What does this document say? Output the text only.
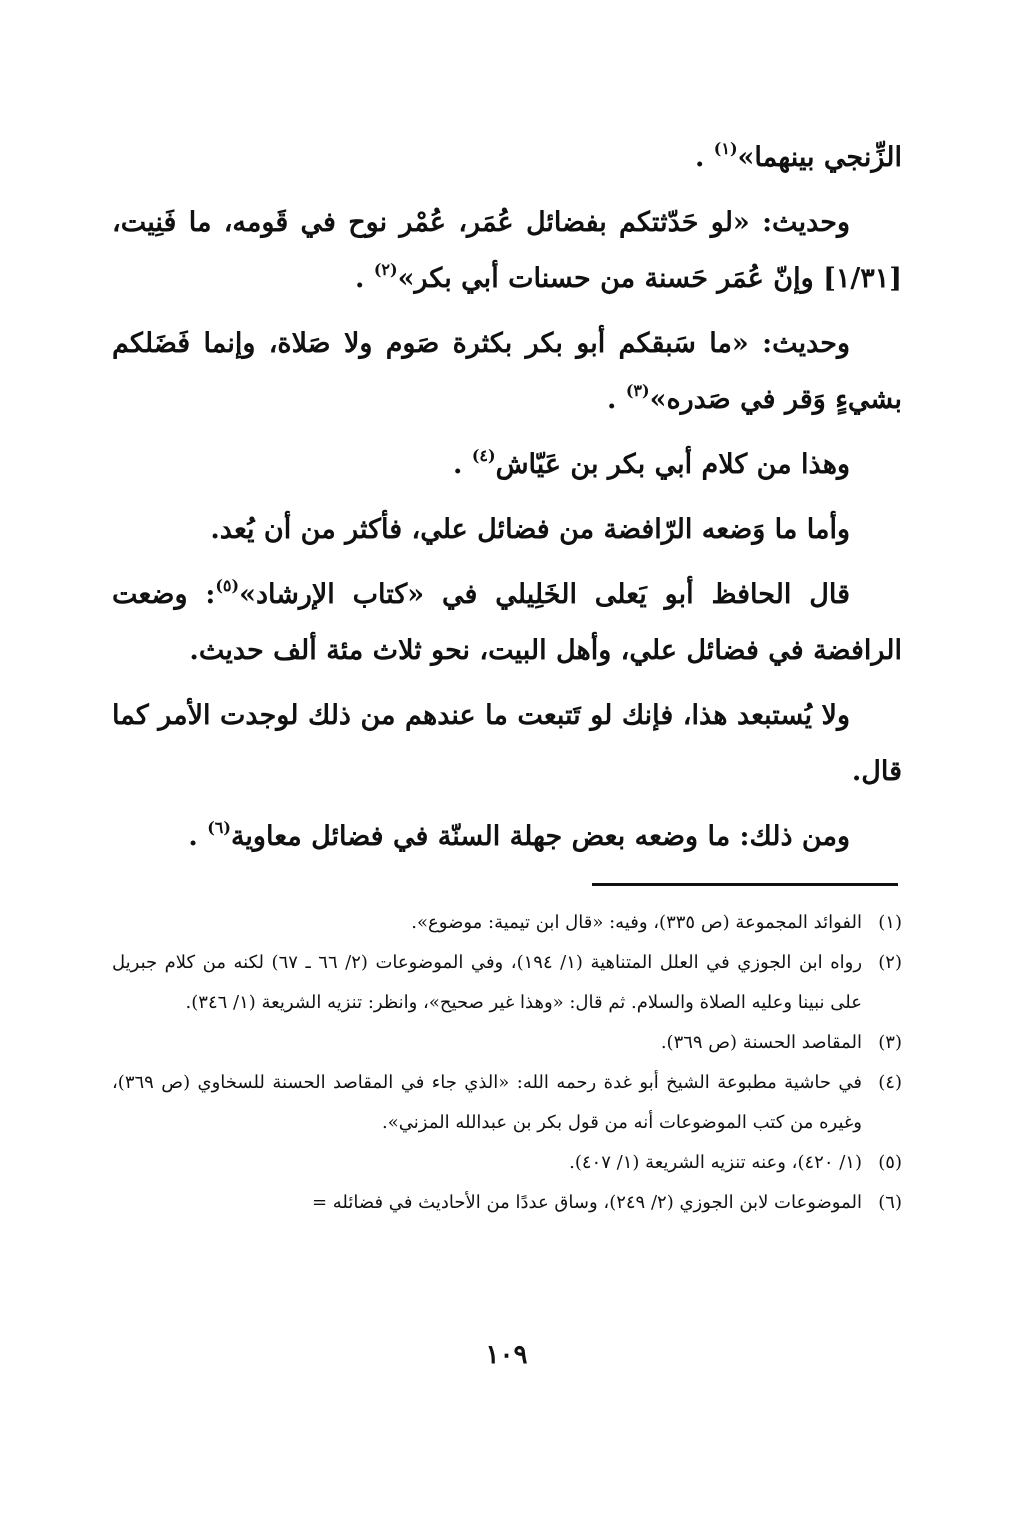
الزِّنجي بينهما»$^{(١)}$ .

وحديث: «لو حَدّثتكم بفضائل عُمَر، عُمْر نوح في قَومه، ما فَنِيت، [١/٣١] وإنّ عُمَر حَسنة من حسنات أبي بكر»$^{(٢)}$ .

وحديث: «ما سَبقكم أبو بكر بكثرة صَوم ولا صَلاة، وإنما فَضَلكم بشيءٍ وَقر في صَدره»$^{(٣)}$ .

وهذا من كلام أبي بكر بن عَيّاش$^{(٤)}$ .

وأما ما وَضعه الرّافضة من فضائل علي، فأكثر من أن يُعد.

قال الحافظ أبو يَعلى الخَلِيلي في «كتاب الإرشاد»$^{(٥)}$: وضعت الرافضة في فضائل علي، وأهل البيت، نحو ثلاث مئة ألف حديث.

ولا يُستبعد هذا، فإنك لو تَتبعت ما عندهم من ذلك لوجدت الأمر كما قال.

ومن ذلك: ما وضعه بعض جهلة السنّة في فضائل معاوية$^{(٦)}$ .

(١)
الفوائد المجموعة (ص ٣٣٥)، وفيه: «قال ابن تيمية: موضوع».
(٢)
رواه ابن الجوزي في العلل المتناهية (١/ ١٩٤)، وفي الموضوعات (٢/ ٦٦ ـ ٦٧) لكنه من كلام جبريل على نبينا وعليه الصلاة والسلام. ثم قال: «وهذا غير صحيح»، وانظر: تنزيه الشريعة (١/ ٣٤٦).
(٣)
المقاصد الحسنة (ص ٣٦٩).
(٤)
في حاشية مطبوعة الشيخ أبو غدة رحمه الله: «الذي جاء في المقاصد الحسنة للسخاوي (ص ٣٦٩)، وغيره من كتب الموضوعات أنه من قول بكر بن عبدالله المزني».
(٥)
(١/ ٤٢٠)، وعنه تنزيه الشريعة (١/ ٤٠٧).
(٦)
الموضوعات لابن الجوزي (٢/ ٢٤٩)، وساق عددًا من الأحاديث في فضائله =
١٠٩
